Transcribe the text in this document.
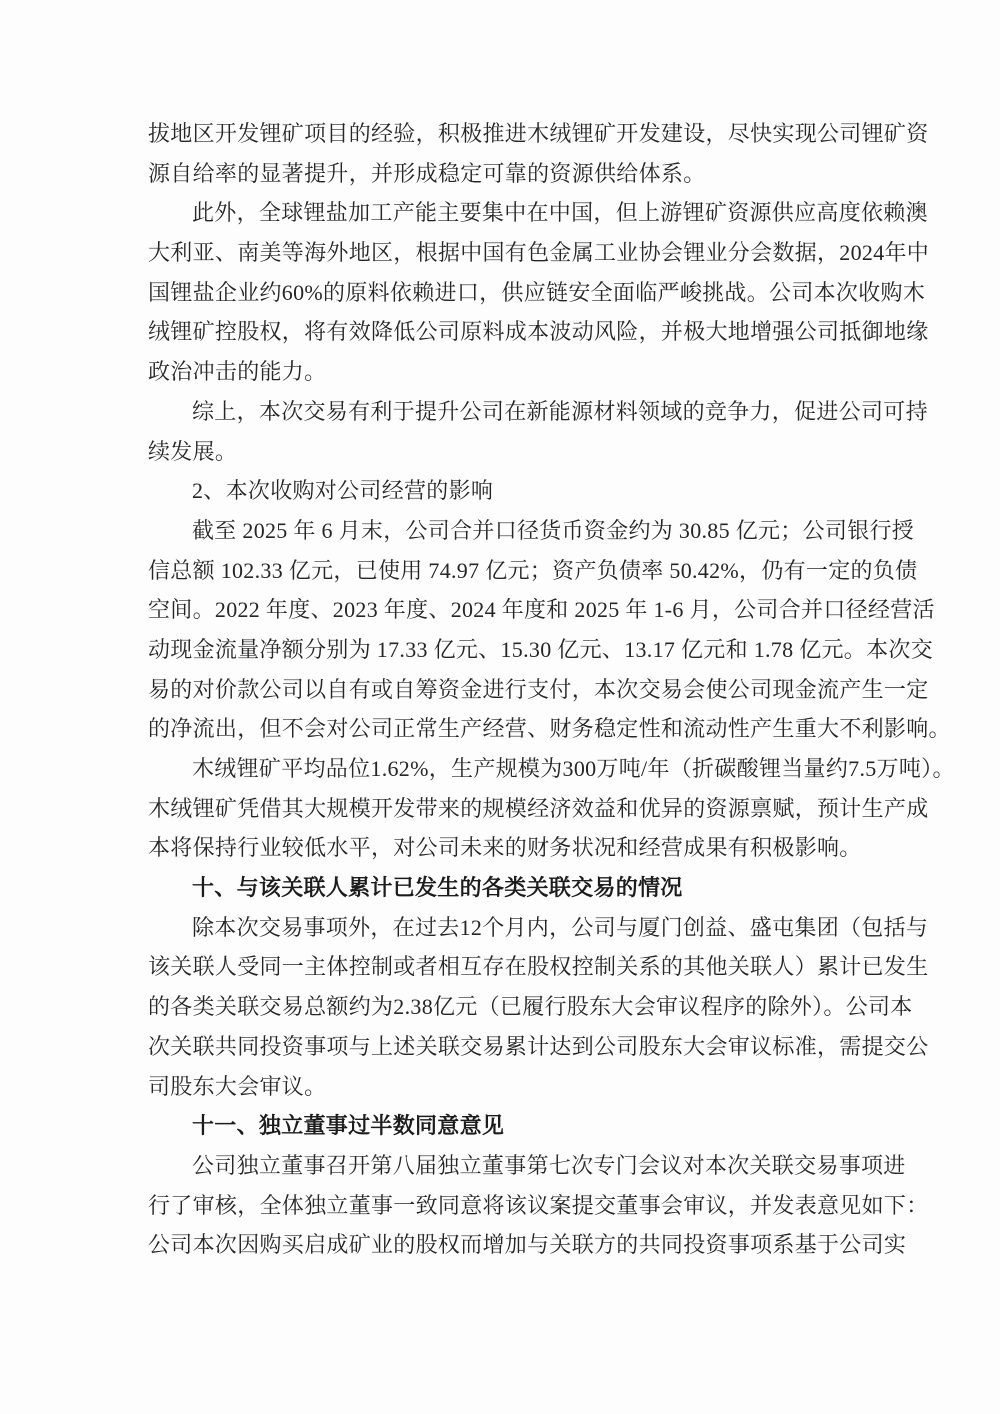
拔地区开发锂矿项目的经验，积极推进木绒锂矿开发建设，尽快实现公司锂矿资
源自给率的显著提升，并形成稳定可靠的资源供给体系。
此外，全球锂盐加工产能主要集中在中国，但上游锂矿资源供应高度依赖澳
大利亚、南美等海外地区，根据中国有色金属工业协会锂业分会数据，2024年中
国锂盐企业约60%的原料依赖进口，供应链安全面临严峻挑战。公司本次收购木
绒锂矿控股权，将有效降低公司原料成本波动风险，并极大地增强公司抵御地缘
政治冲击的能力。
综上，本次交易有利于提升公司在新能源材料领域的竞争力，促进公司可持
续发展。
2、本次收购对公司经营的影响
截至 2025 年 6 月末，公司合并口径货币资金约为 30.85 亿元；公司银行授
信总额 102.33 亿元，已使用 74.97 亿元；资产负债率 50.42%，仍有一定的负债
空间。2022 年度、2023 年度、2024 年度和 2025 年 1-6 月，公司合并口径经营活
动现金流量净额分别为 17.33 亿元、15.30 亿元、13.17 亿元和 1.78 亿元。本次交
易的对价款公司以自有或自筹资金进行支付，本次交易会使公司现金流产生一定
的净流出，但不会对公司正常生产经营、财务稳定性和流动性产生重大不利影响。
木绒锂矿平均品位1.62%，生产规模为300万吨/年（折碳酸锂当量约7.5万吨）。
木绒锂矿凭借其大规模开发带来的规模经济效益和优异的资源禀赋，预计生产成
本将保持行业较低水平，对公司未来的财务状况和经营成果有积极影响。
十、与该关联人累计已发生的各类关联交易的情况
除本次交易事项外，在过去12个月内，公司与厦门创益、盛屯集团（包括与
该关联人受同一主体控制或者相互存在股权控制关系的其他关联人）累计已发生
的各类关联交易总额约为2.38亿元（已履行股东大会审议程序的除外）。公司本
次关联共同投资事项与上述关联交易累计达到公司股东大会审议标准，需提交公
司股东大会审议。
十一、独立董事过半数同意意见
公司独立董事召开第八届独立董事第七次专门会议对本次关联交易事项进
行了审核，全体独立董事一致同意将该议案提交董事会审议，并发表意见如下：
公司本次因购买启成矿业的股权而增加与关联方的共同投资事项系基于公司实
